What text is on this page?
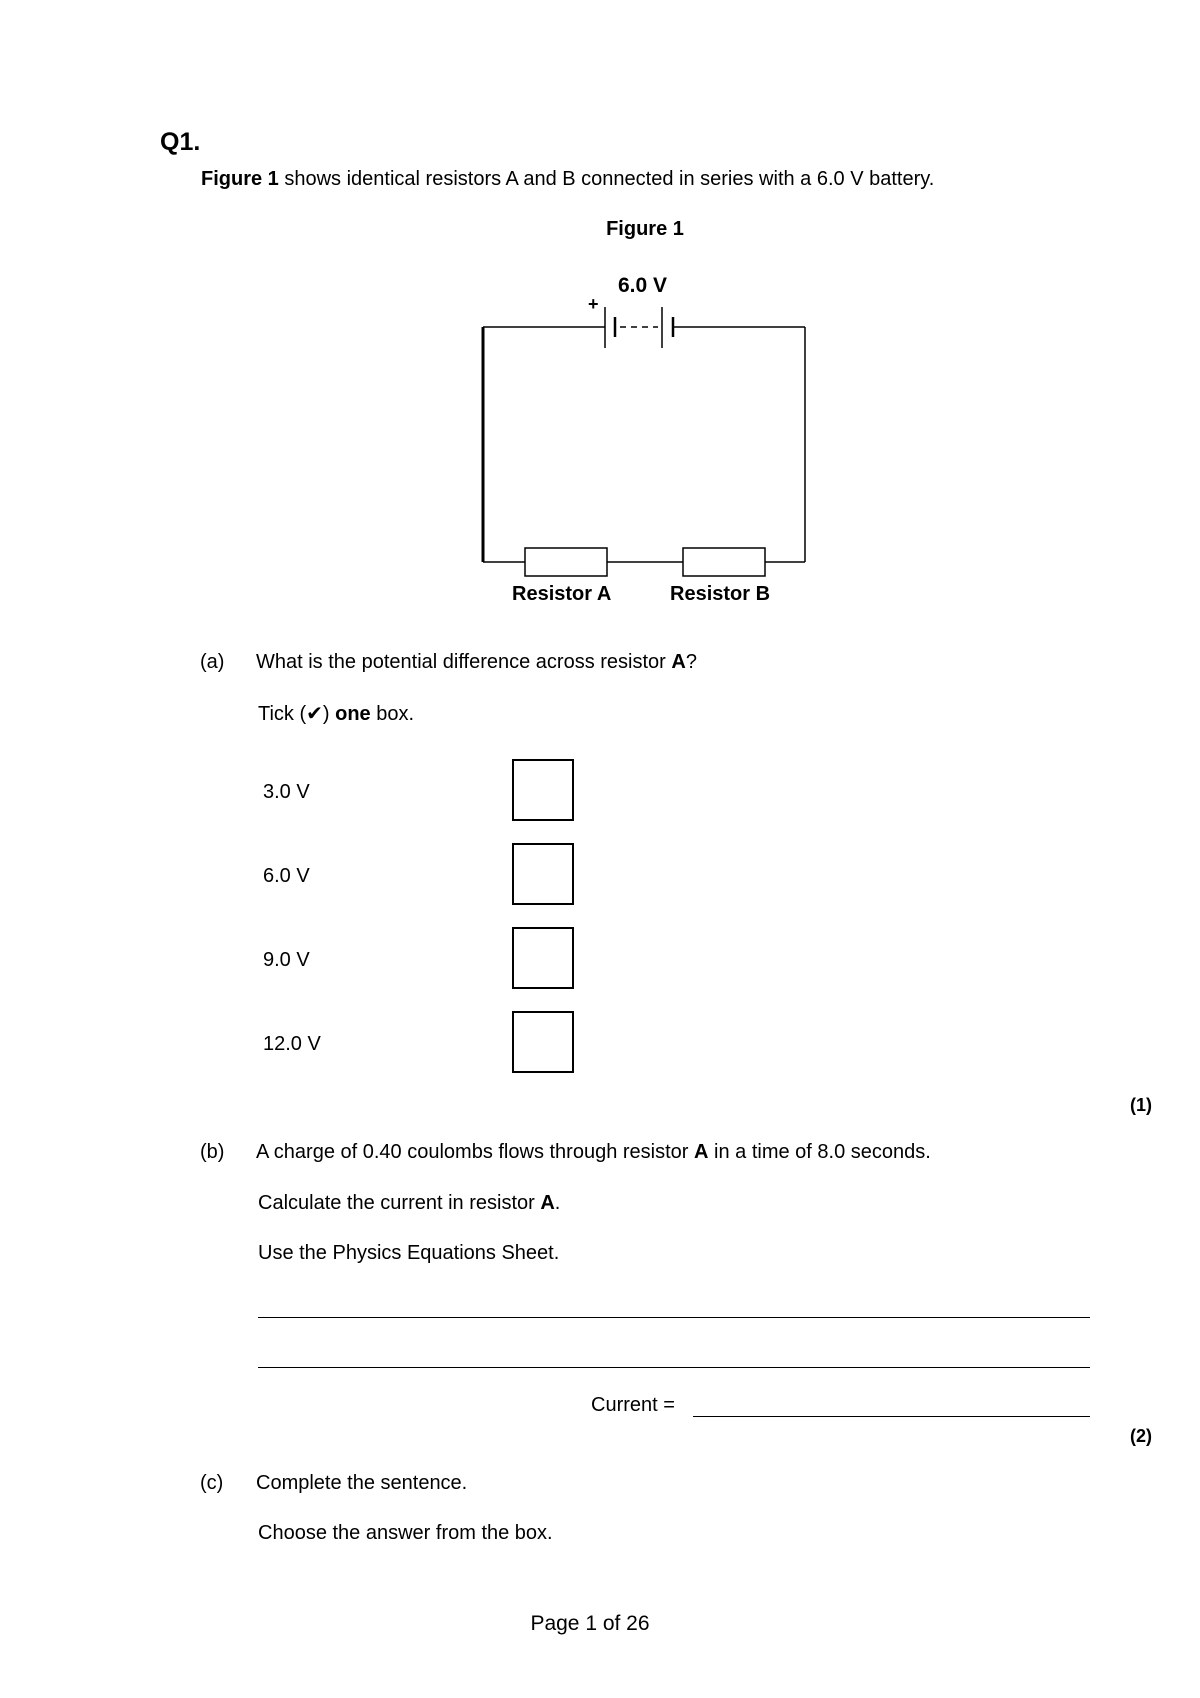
Q1.
Figure 1 shows identical resistors A and B connected in series with a 6.0 V battery.
Figure 1
6.0 V
+
Resistor A	Resistor B
(a) What is the potential difference across resistor A?
Tick (✔) one box.
3.0 V
6.0 V
9.0 V
12.0 V
(1)
(b) A charge of 0.40 coulombs flows through resistor A in a time of 8.0 seconds.
Calculate the current in resistor A.
Use the Physics Equations Sheet.
Current =
(2)
(c) Complete the sentence.
Choose the answer from the box.
Page 1 of 26
